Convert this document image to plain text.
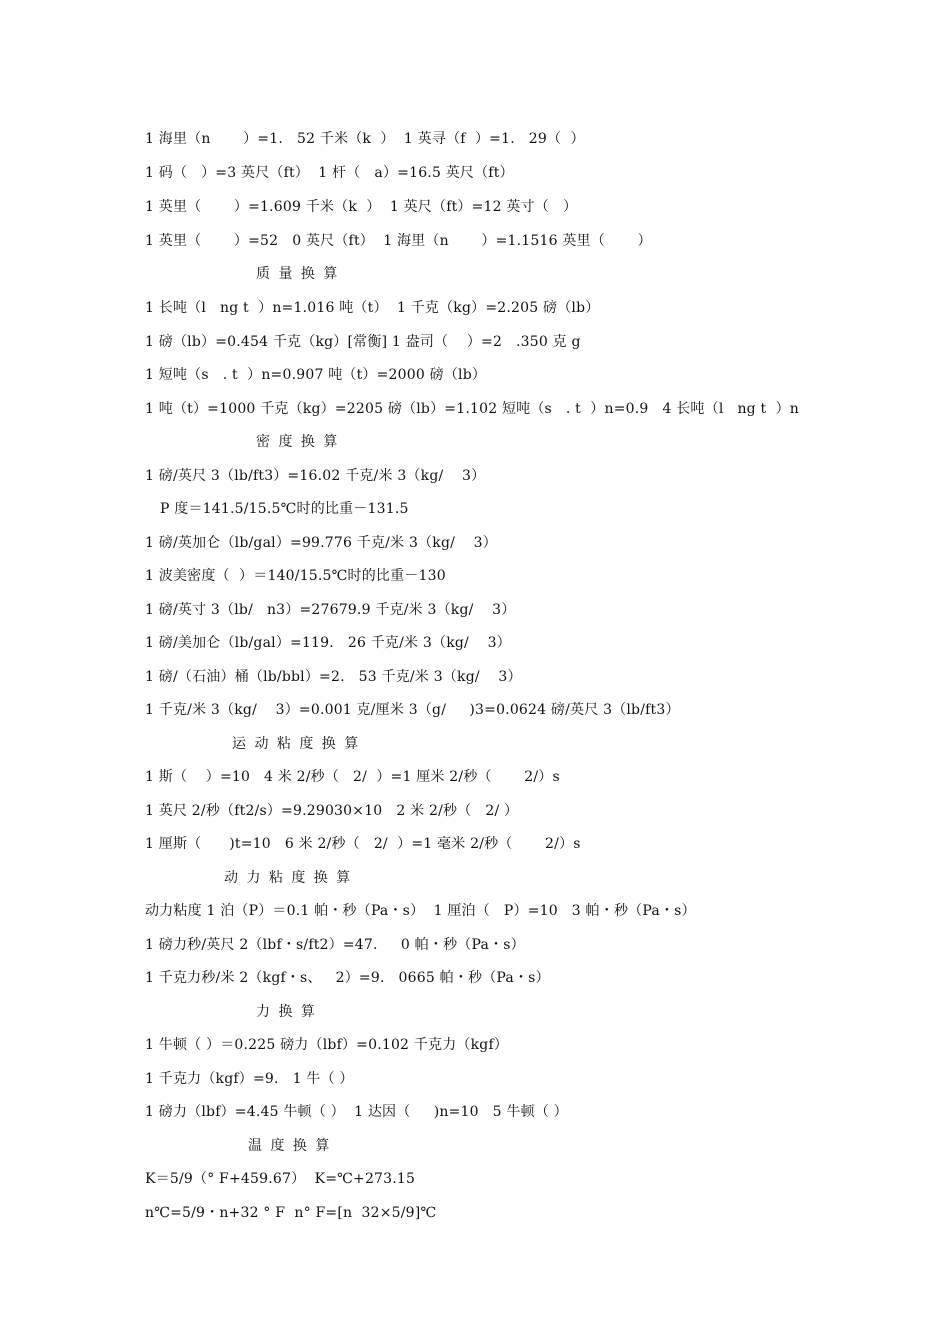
1 海里（n       ）=1.   52 千米（k  ）  1 英寻（f  ）=1.   29（  ）
1 码（   ）=3 英尺（ft）  1 杆（   a）=16.5 英尺（ft）
1 英里（       ）=1.609 千米（k  ）  1 英尺（ft）=12 英寸（   ）
1 英里（       ）=52   0 英尺（ft）  1 海里（n       ）=1.1516 英里（       ）
质 量 换 算
1 长吨（l   ng t  ）n=1.016 吨（t）  1 千克（kg）=2.205 磅（lb）
1 磅（lb）=0.454 千克（kg）[常衡] 1 盎司（    ）=2   .350 克 g
1 短吨（s   . t  ）n=0.907 吨（t）=2000 磅（lb）
1 吨（t）=1000 千克（kg）=2205 磅（lb）=1.102 短吨（s   . t  ）n=0.9   4 长吨（l   ng t  ）n
密 度 换 算
1 磅/英尺 3（lb/ft3）=16.02 千克/米 3（kg/    3）
P 度＝141.5/15.5℃时的比重－131.5
1 磅/英加仑（lb/gal）=99.776 千克/米 3（kg/    3）
1 波美密度（  ）＝140/15.5℃时的比重－130
1 磅/英寸 3（lb/   n3）=27679.9 千克/米 3（kg/    3）
1 磅/美加仑（lb/gal）=119.   26 千克/米 3（kg/    3）
1 磅/（石油）桶（lb/bbl）=2.   53 千克/米 3（kg/    3）
1 千克/米 3（kg/    3）=0.001 克/厘米 3（g/     )3=0.0624 磅/英尺 3（lb/ft3）
运 动 粘 度 换 算
1 斯（    ）=10   4 米 2/秒（   2/  ）=1 厘米 2/秒（       2/）s
1 英尺 2/秒（ft2/s）=9.29030×10   2 米 2/秒（   2/ ）
1 厘斯（      )t=10   6 米 2/秒（   2/  ）=1 毫米 2/秒（       2/）s
动 力 粘 度 换 算
动力粘度 1 泊（P）＝0.1 帕・秒（Pa・s）  1 厘泊（   P）=10   3 帕・秒（Pa・s）
1 磅力秒/英尺 2（lbf・s/ft2）=47.     0 帕・秒（Pa・s）
1 千克力秒/米 2（kgf・s、   2）=9.   0665 帕・秒（Pa・s）
力 换 算
1 牛顿（ ）＝0.225 磅力（lbf）=0.102 千克力（kgf）
1 千克力（kgf）=9.   1 牛（ ）
1 磅力（lbf）=4.45 牛顿（ ）  1 达因（     )n=10   5 牛顿（ ）
温 度 换 算
K＝5/9（° F+459.67）  K=℃+273.15
n℃=5/9・n+32 ° F  n° F=[n  32×5/9]℃
